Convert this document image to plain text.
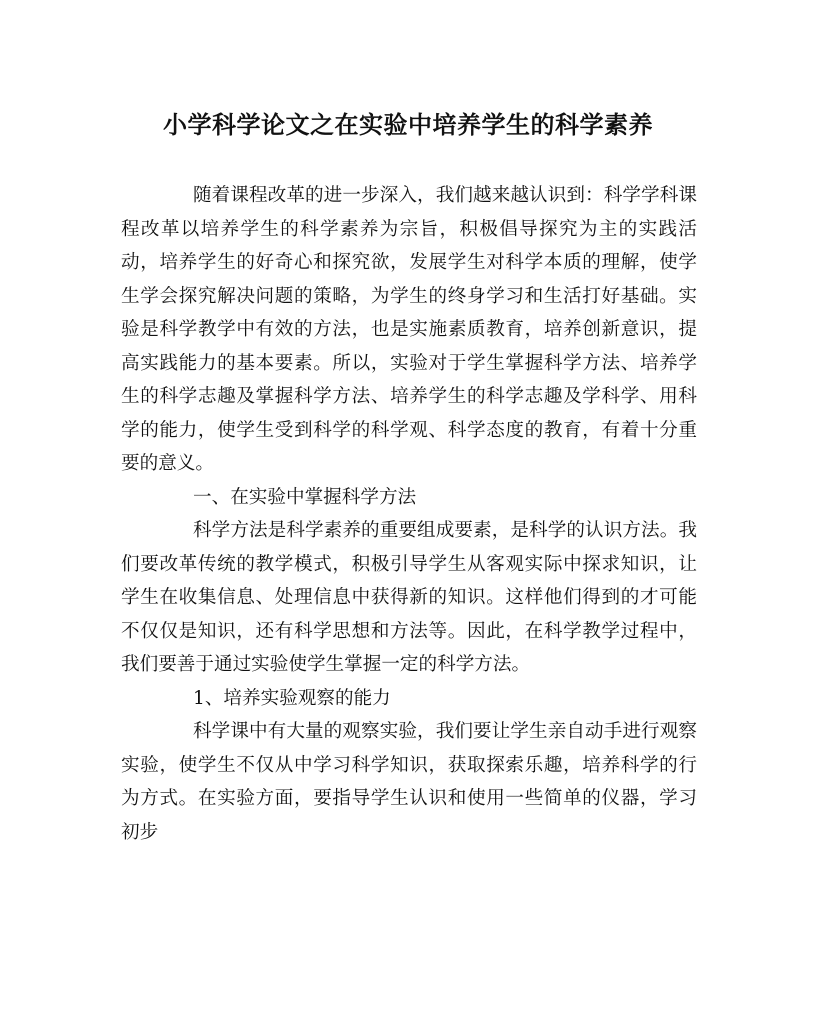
小学科学论文之在实验中培养学生的科学素养

随着课程改革的进一步深入，我们越来越认识到：科学学科课程改革以培养学生的科学素养为宗旨，积极倡导探究为主的实践活动，培养学生的好奇心和探究欲，发展学生对科学本质的理解，使学生学会探究解决问题的策略，为学生的终身学习和生活打好基础。实验是科学教学中有效的方法，也是实施素质教育，培养创新意识，提高实践能力的基本要素。所以，实验对于学生掌握科学方法、培养学生的科学志趣及掌握科学方法、培养学生的科学志趣及学科学、用科学的能力，使学生受到科学的科学观、科学态度的教育，有着十分重要的意义。

一、在实验中掌握科学方法

科学方法是科学素养的重要组成要素，是科学的认识方法。我们要改革传统的教学模式，积极引导学生从客观实际中探求知识，让学生在收集信息、处理信息中获得新的知识。这样他们得到的才可能不仅仅是知识，还有科学思想和方法等。因此，在科学教学过程中，我们要善于通过实验使学生掌握一定的科学方法。

1、培养实验观察的能力

科学课中有大量的观察实验，我们要让学生亲自动手进行观察实验，使学生不仅从中学习科学知识，获取探索乐趣，培养科学的行为方式。在实验方面，要指导学生认识和使用一些简单的仪器，学习初步
